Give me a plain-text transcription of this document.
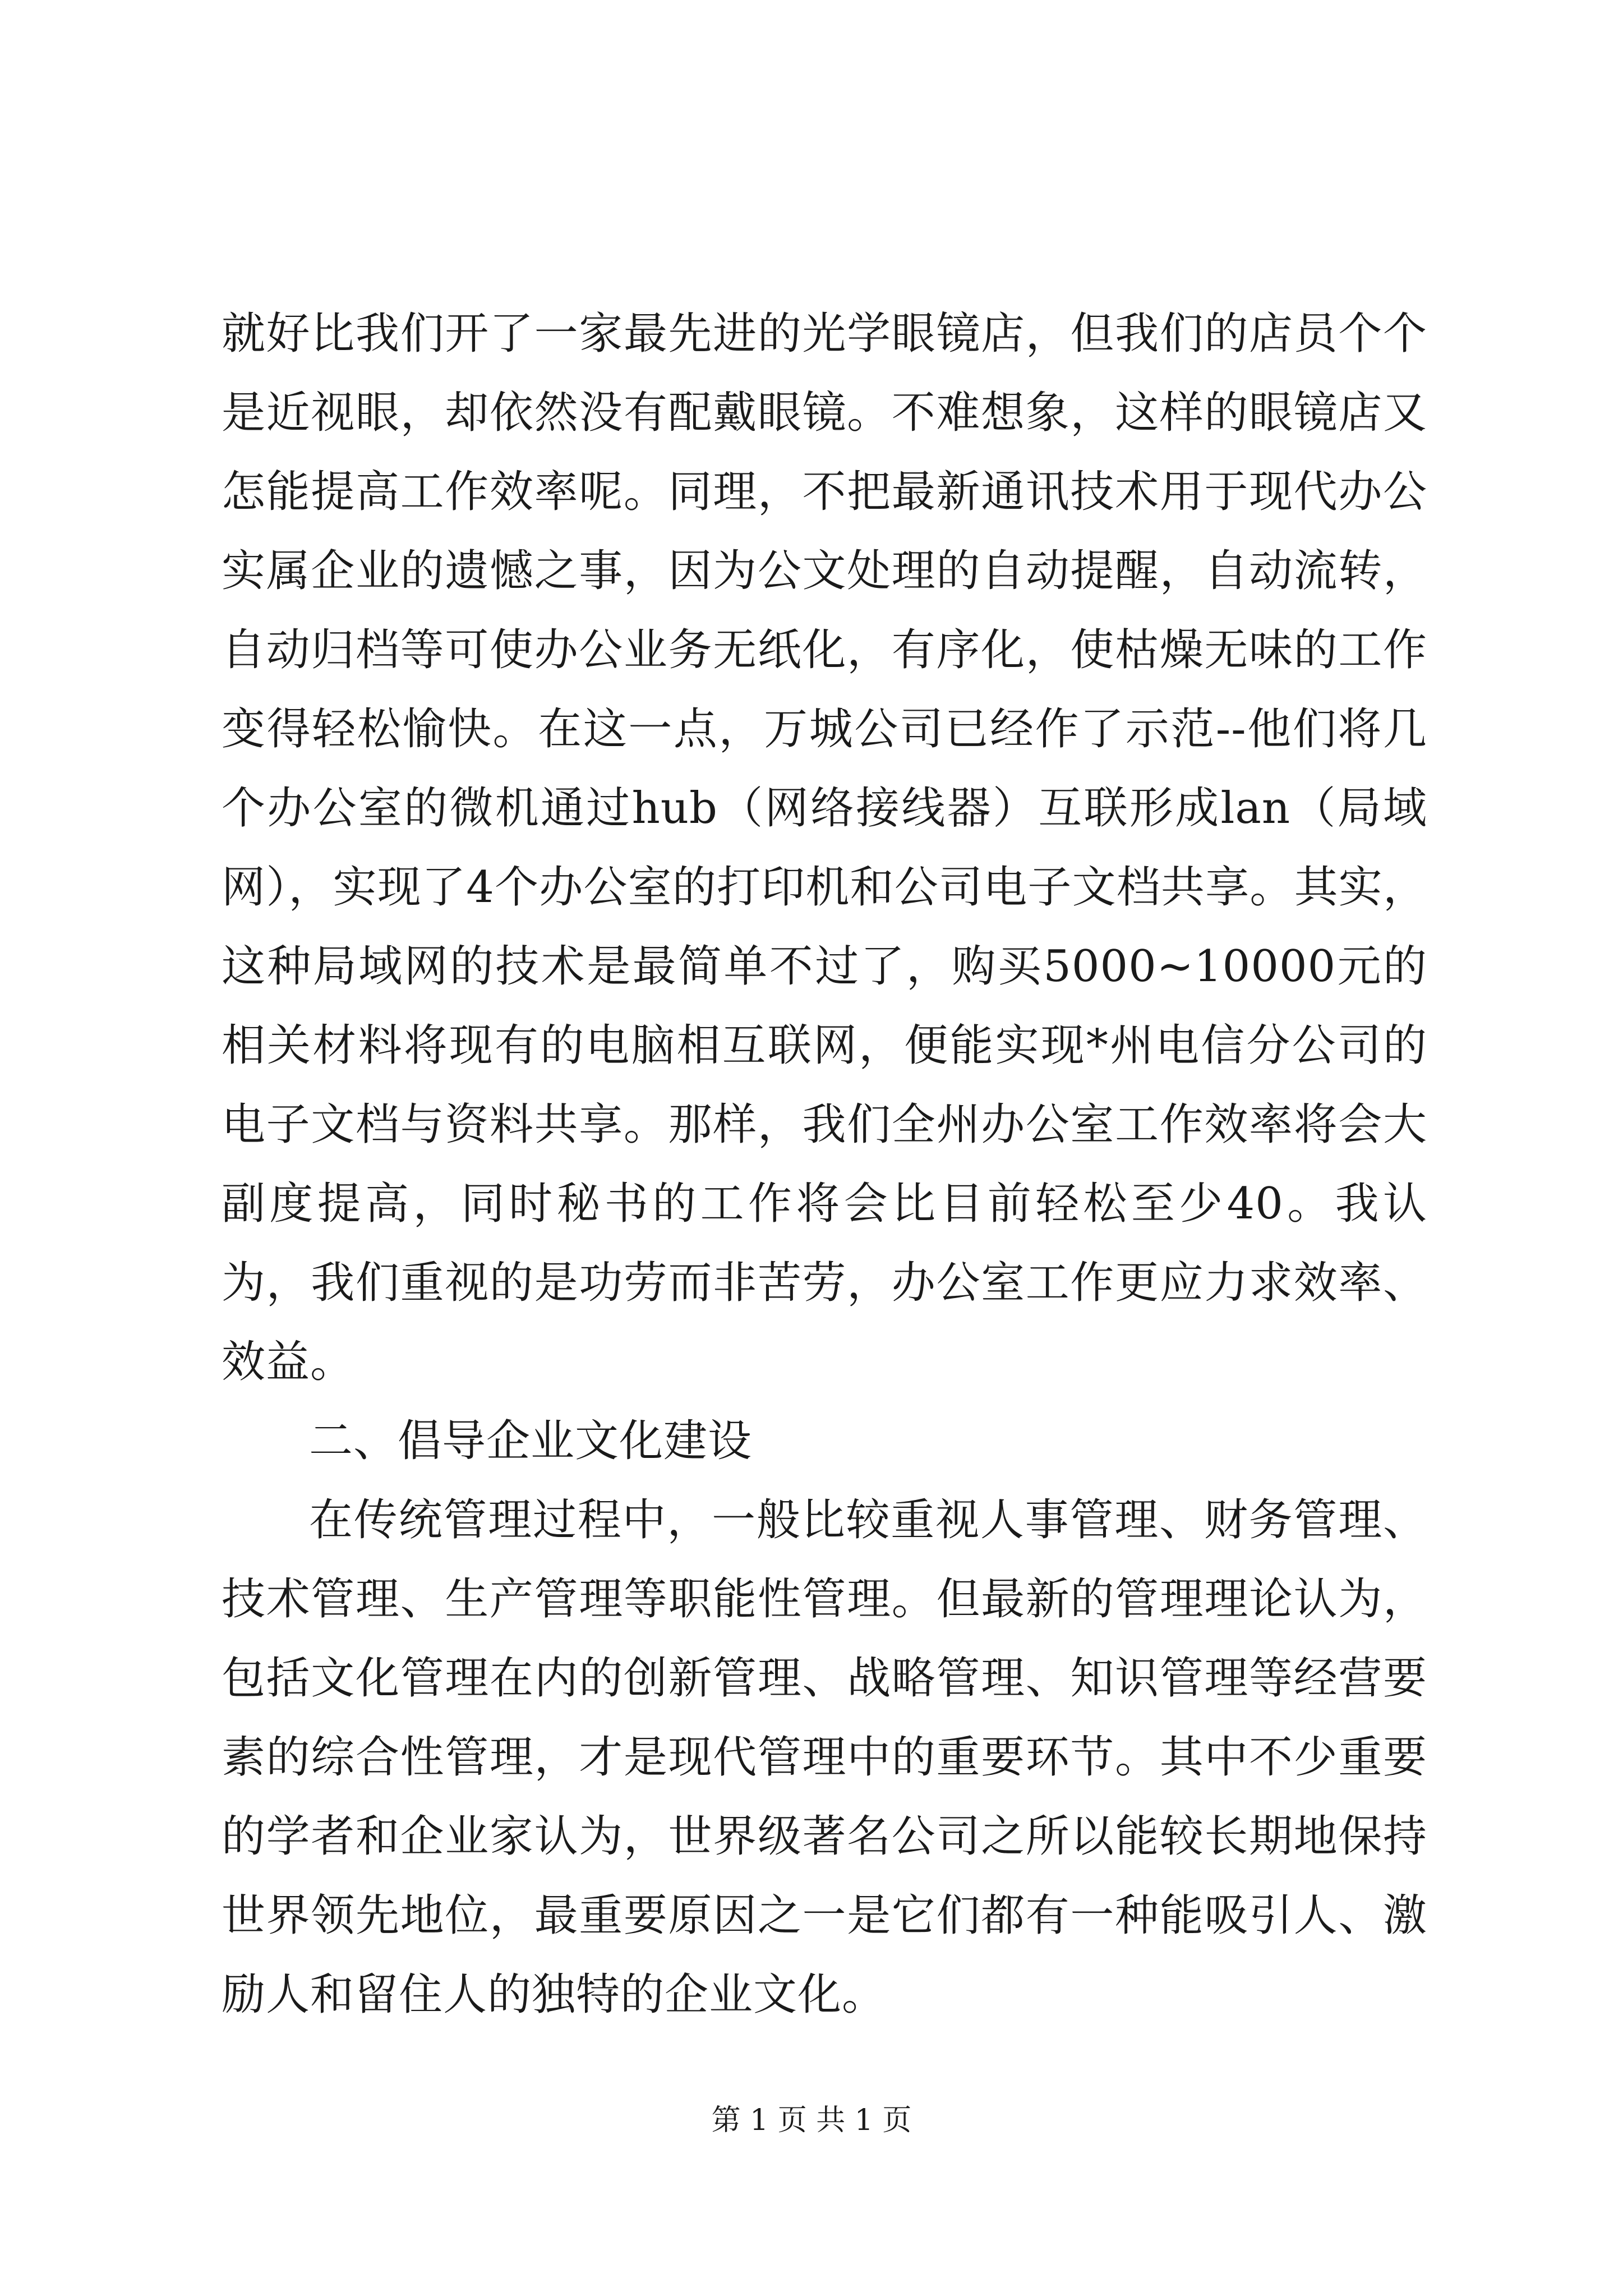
就好比我们开了一家最先进的光学眼镜店，但我们的店员个个是近视眼，却依然没有配戴眼镜。不难想象，这样的眼镜店又怎能提高工作效率呢。同理，不把最新通讯技术用于现代办公实属企业的遗憾之事，因为公文处理的自动提醒，自动流转，自动归档等可使办公业务无纸化，有序化，使枯燥无味的工作变得轻松愉快。在这一点，万城公司已经作了示范--他们将几个办公室的微机通过hub（网络接线器）互联形成lan（局域网），实现了4个办公室的打印机和公司电子文档共享。其实，这种局域网的技术是最简单不过了，购买5000~10000元的相关材料将现有的电脑相互联网，便能实现*州电信分公司的电子文档与资料共享。那样，我们全州办公室工作效率将会大副度提高，同时秘书的工作将会比目前轻松至少40。我认为，我们重视的是功劳而非苦劳，办公室工作更应力求效率、效益。

二、倡导企业文化建设

在传统管理过程中，一般比较重视人事管理、财务管理、技术管理、生产管理等职能性管理。但最新的管理理论认为，包括文化管理在内的创新管理、战略管理、知识管理等经营要素的综合性管理，才是现代管理中的重要环节。其中不少重要的学者和企业家认为，世界级著名公司之所以能较长期地保持世界领先地位，最重要原因之一是它们都有一种能吸引人、激励人和留住人的独特的企业文化。

第 1 页 共 1 页
